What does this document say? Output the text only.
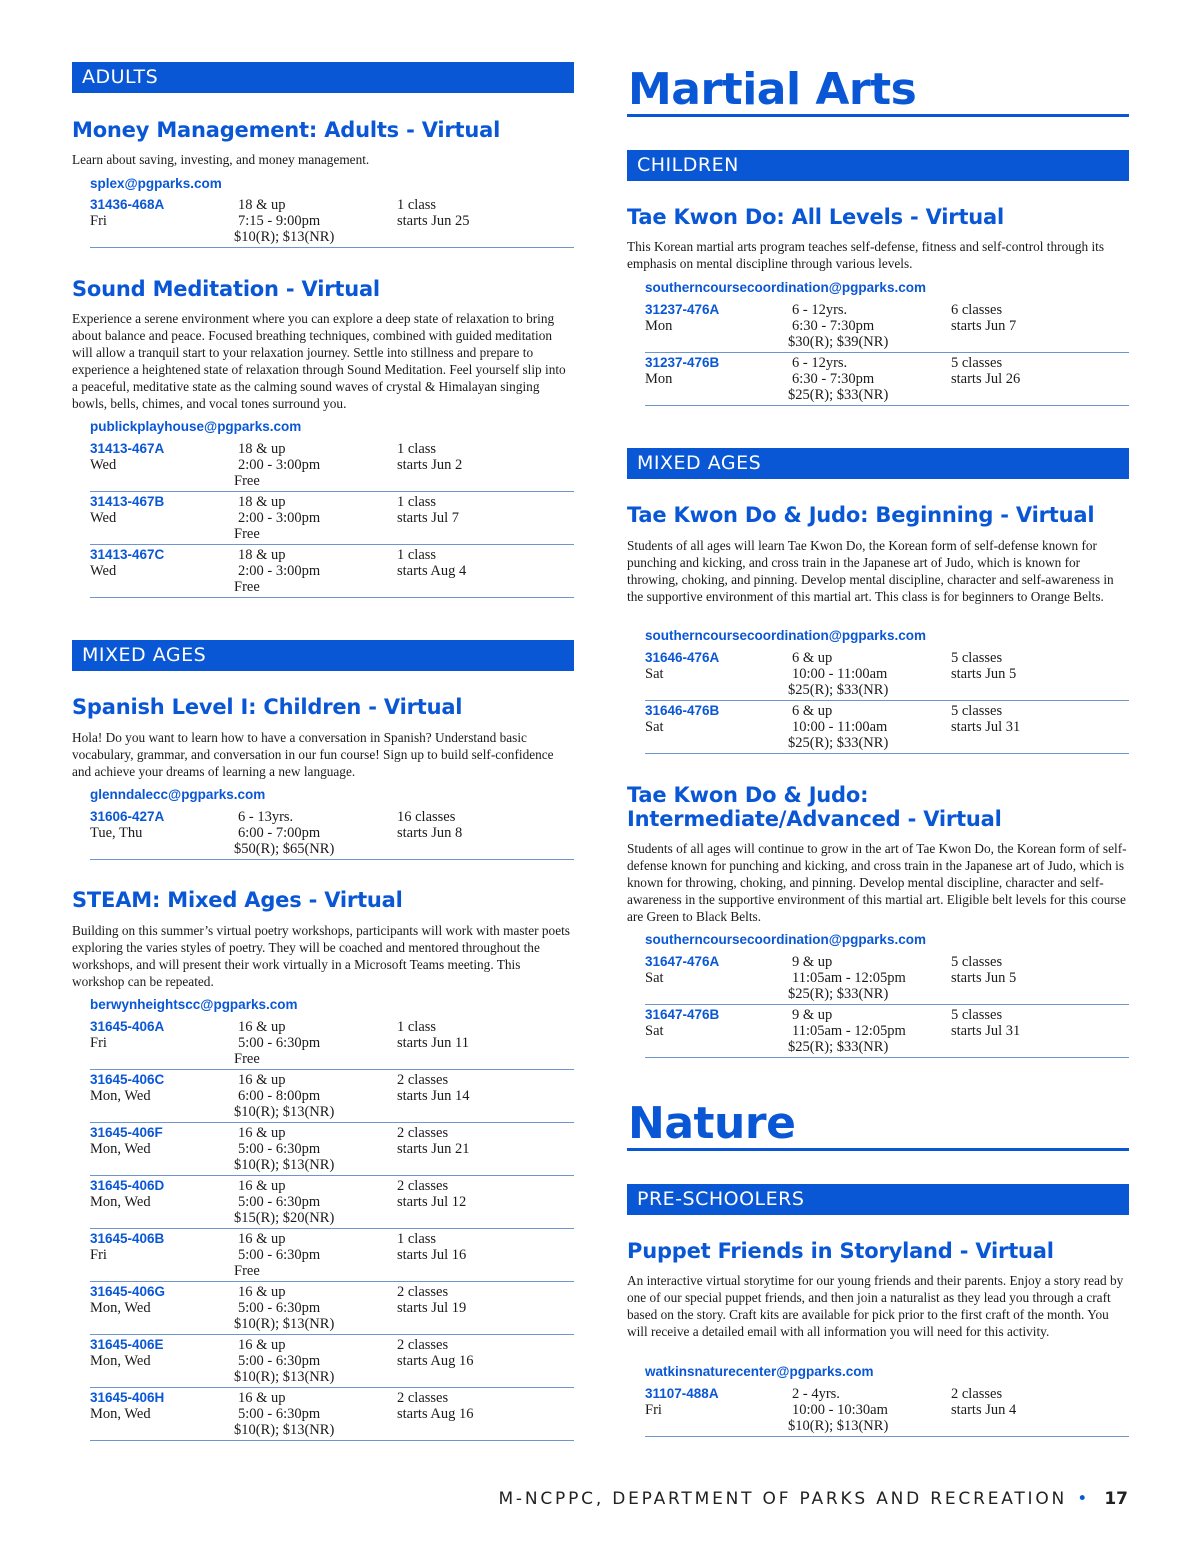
ADULTS
Money Management: Adults - Virtual
Learn about saving, investing, and money management.
splex@pgparks.com
Sound Meditation - Virtual
Experience a serene environment where you can explore a deep state of relaxation to bring about balance and peace. Focused breathing techniques, combined with guided meditation will allow a tranquil start to your relaxation journey. Settle into stillness and prepare to experience a heightened state of relaxation through Sound Meditation. Feel yourself slip into a peaceful, meditative state as the calming sound waves of crystal & Himalayan singing bowls, bells, chimes, and vocal tones surround you.
publickplayhouse@pgparks.com
MIXED AGES
Spanish Level I: Children - Virtual
Hola! Do you want to learn how to have a conversation in Spanish? Understand basic vocabulary, grammar, and conversation in our fun course! Sign up to build self-confidence and achieve your dreams of learning a new language.
glenndalecc@pgparks.com
STEAM: Mixed Ages - Virtual
Building on this summer’s virtual poetry workshops, participants will work with master poets exploring the varies styles of poetry. They will be coached and mentored throughout the workshops, and will present their work virtually in a Microsoft Teams meeting. This workshop can be repeated.
berwynheightscc@pgparks.com
31436-468A
Fri
18 & up
7:15 - 9:00pm
$10(R); $13(NR)
1 class
starts Jun 25
31413-467A
Wed
18 & up
2:00 - 3:00pm
Free
1 class
starts Jun 2
31413-467B
Wed
18 & up
2:00 - 3:00pm
Free
1 class
starts Jul 7
31413-467C
Wed
18 & up
2:00 - 3:00pm
Free
1 class
starts Aug 4
31606-427A
Tue, Thu
6 - 13yrs.
6:00 - 7:00pm
$50(R); $65(NR)
16 classes
starts Jun 8
31645-406A
Fri
16 & up
5:00 - 6:30pm
Free
1 class
starts Jun 11
31645-406C
Mon, Wed
16 & up
6:00 - 8:00pm
$10(R); $13(NR)
2 classes
starts Jun 14
31645-406F
Mon, Wed
16 & up
5:00 - 6:30pm
$10(R); $13(NR)
2 classes
starts Jun 21
31645-406D
Mon, Wed
16 & up
5:00 - 6:30pm
$15(R); $20(NR)
2 classes
starts Jul 12
31645-406B
Fri
16 & up
5:00 - 6:30pm
Free
1 class
starts Jul 16
31645-406G
Mon, Wed
16 & up
5:00 - 6:30pm
$10(R); $13(NR)
2 classes
starts Jul 19
31645-406E
Mon, Wed
16 & up
5:00 - 6:30pm
$10(R); $13(NR)
2 classes
starts Aug 16
31645-406H
Mon, Wed
16 & up
5:00 - 6:30pm
$10(R); $13(NR)
2 classes
starts Aug 16
Martial Arts
CHILDREN
Tae Kwon Do: All Levels - Virtual
This Korean martial arts program teaches self-defense, fitness and self-control through its emphasis on mental discipline through various levels.
southerncoursecoordination@pgparks.com
MIXED AGES
Tae Kwon Do & Judo: Beginning - Virtual
Students of all ages will learn Tae Kwon Do, the Korean form of self-defense known for punching and kicking, and cross train in the Japanese art of Judo, which is known for throwing, choking, and pinning. Develop mental discipline, character and self-awareness in the supportive environment of this martial art. This class is for beginners to Orange Belts.
southerncoursecoordination@pgparks.com
Tae Kwon Do & Judo: Intermediate/Advanced - Virtual
Students of all ages will continue to grow in the art of Tae Kwon Do, the Korean form of self-defense known for punching and kicking, and cross train in the Japanese art of Judo, which is known for throwing, choking, and pinning. Develop mental discipline, character and self-awareness in the supportive environment of this martial art. Eligible belt levels for this course are Green to Black Belts.
southerncoursecoordination@pgparks.com
Nature
PRE-SCHOOLERS
Puppet Friends in Storyland - Virtual
An interactive virtual storytime for our young friends and their parents. Enjoy a story read by one of our special puppet friends, and then join a naturalist as they lead you through a craft based on the story. Craft kits are available for pick prior to the first craft of the month. You will receive a detailed email with all information you will need for this activity.
watkinsnaturecenter@pgparks.com
31237-476A
Mon
6 - 12yrs.
6:30 - 7:30pm
$30(R); $39(NR)
6 classes
starts Jun 7
31237-476B
Mon
6 - 12yrs.
6:30 - 7:30pm
$25(R); $33(NR)
5 classes
starts Jul 26
31646-476A
Sat
6 & up
10:00 - 11:00am
$25(R); $33(NR)
5 classes
starts Jun 5
31646-476B
Sat
6 & up
10:00 - 11:00am
$25(R); $33(NR)
5 classes
starts Jul 31
31647-476A
Sat
9 & up
11:05am - 12:05pm
$25(R); $33(NR)
5 classes
starts Jun 5
31647-476B
Sat
9 & up
11:05am - 12:05pm
$25(R); $33(NR)
5 classes
starts Jul 31
31107-488A
Fri
2 - 4yrs.
10:00 - 10:30am
$10(R); $13(NR)
2 classes
starts Jun 4
M-NCPPC, DEPARTMENT OF PARKS AND RECREATION • 17
